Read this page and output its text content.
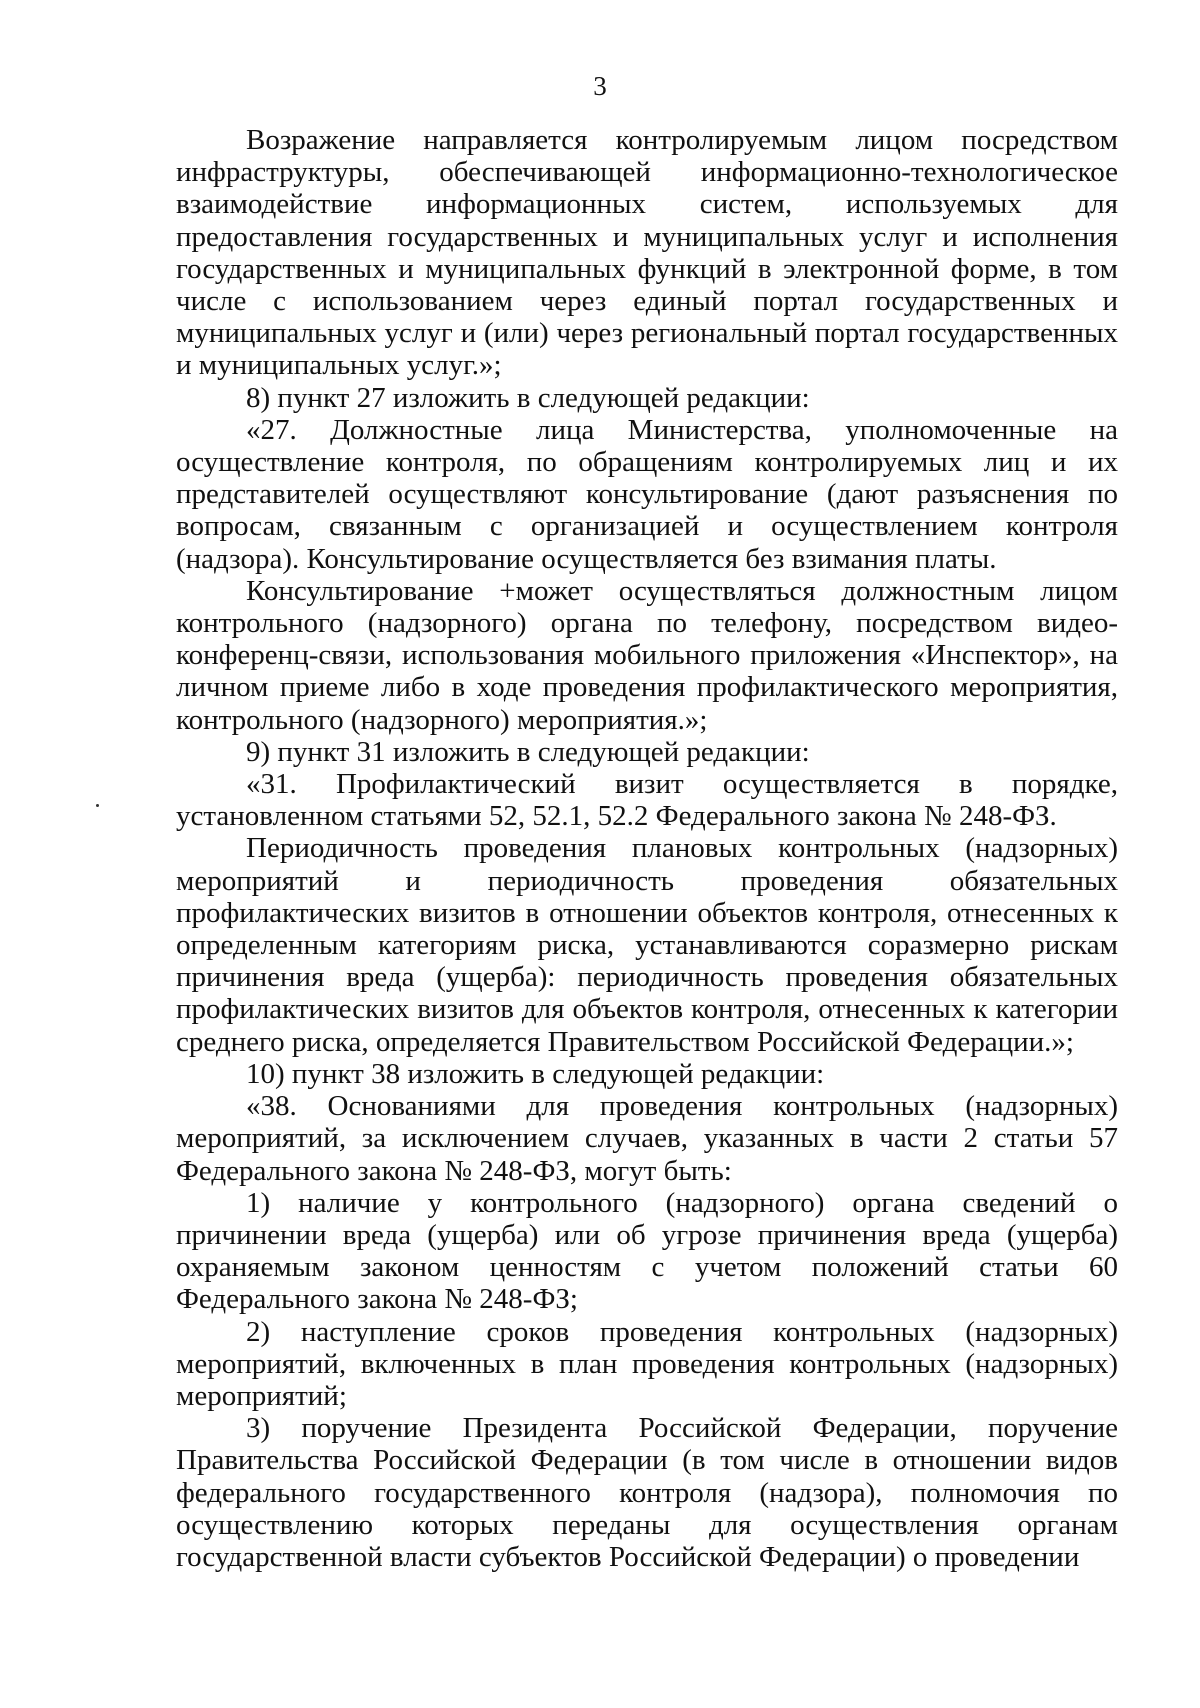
3

Возражение направляется контролируемым лицом посредством инфраструктуры, обеспечивающей информационно-технологическое взаимодействие информационных систем, используемых для предоставления государственных и муниципальных услуг и исполнения государственных и муниципальных функций в электронной форме, в том числе с использованием через единый портал государственных и муниципальных услуг и (или) через региональный портал государственных и муниципальных услуг.»;

8) пункт 27 изложить в следующей редакции:

«27. Должностные лица Министерства, уполномоченные на осуществление контроля, по обращениям контролируемых лиц и их представителей осуществляют консультирование (дают разъяснения по вопросам, связанным с организацией и осуществлением контроля (надзора). Консультирование осуществляется без взимания платы.

Консультирование +может осуществляться должностным лицом контрольного (надзорного) органа по телефону, посредством видео-конференц-связи, использования мобильного приложения «Инспектор», на личном приеме либо в ходе проведения профилактического мероприятия, контрольного (надзорного) мероприятия.»;

9) пункт 31 изложить в следующей редакции:

«31. Профилактический визит осуществляется в порядке, установленном статьями 52, 52.1, 52.2 Федерального закона № 248-ФЗ.

Периодичность проведения плановых контрольных (надзорных) мероприятий и периодичность проведения обязательных профилактических визитов в отношении объектов контроля, отнесенных к определенным категориям риска, устанавливаются соразмерно рискам причинения вреда (ущерба): периодичность проведения обязательных профилактических визитов для объектов контроля, отнесенных к категории среднего риска, определяется Правительством Российской Федерации.»;

10) пункт 38 изложить в следующей редакции:

«38. Основаниями для проведения контрольных (надзорных) мероприятий, за исключением случаев, указанных в части 2 статьи 57 Федерального закона № 248-ФЗ, могут быть:

1) наличие у контрольного (надзорного) органа сведений о причинении вреда (ущерба) или об угрозе причинения вреда (ущерба) охраняемым законом ценностям с учетом положений статьи 60 Федерального закона № 248-ФЗ;

2) наступление сроков проведения контрольных (надзорных) мероприятий, включенных в план проведения контрольных (надзорных) мероприятий;

3) поручение Президента Российской Федерации, поручение Правительства Российской Федерации (в том числе в отношении видов федерального государственного контроля (надзора), полномочия по осуществлению которых переданы для осуществления органам государственной власти субъектов Российской Федерации) о проведении
